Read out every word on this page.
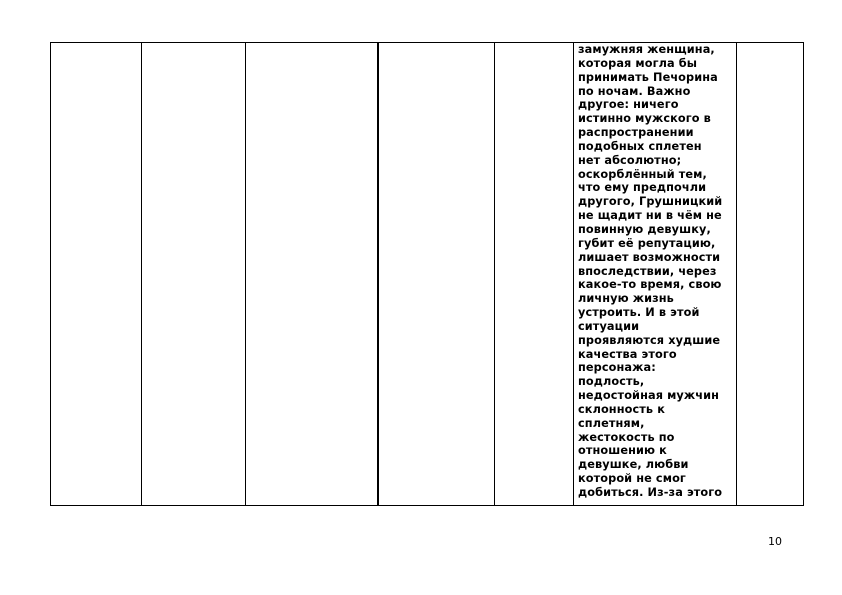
замужняя женщина,
которая могла бы
принимать Печорина
по ночам. Важно
другое: ничего
истинно мужского в
распространении
подобных сплетен
нет абсолютно;
оскорблённый тем,
что ему предпочли
другого, Грушницкий
не щадит ни в чём не
повинную девушку,
губит её репутацию,
лишает возможности
впоследствии, через
какое-то время, свою
личную жизнь
устроить. И в этой
ситуации
проявляются худшие
качества этого
персонажа:
подлость,
недостойная мужчин
склонность к
сплетням,
жестокость по
отношению к
девушке, любви
которой не смог
добиться. Из-за этого

10
